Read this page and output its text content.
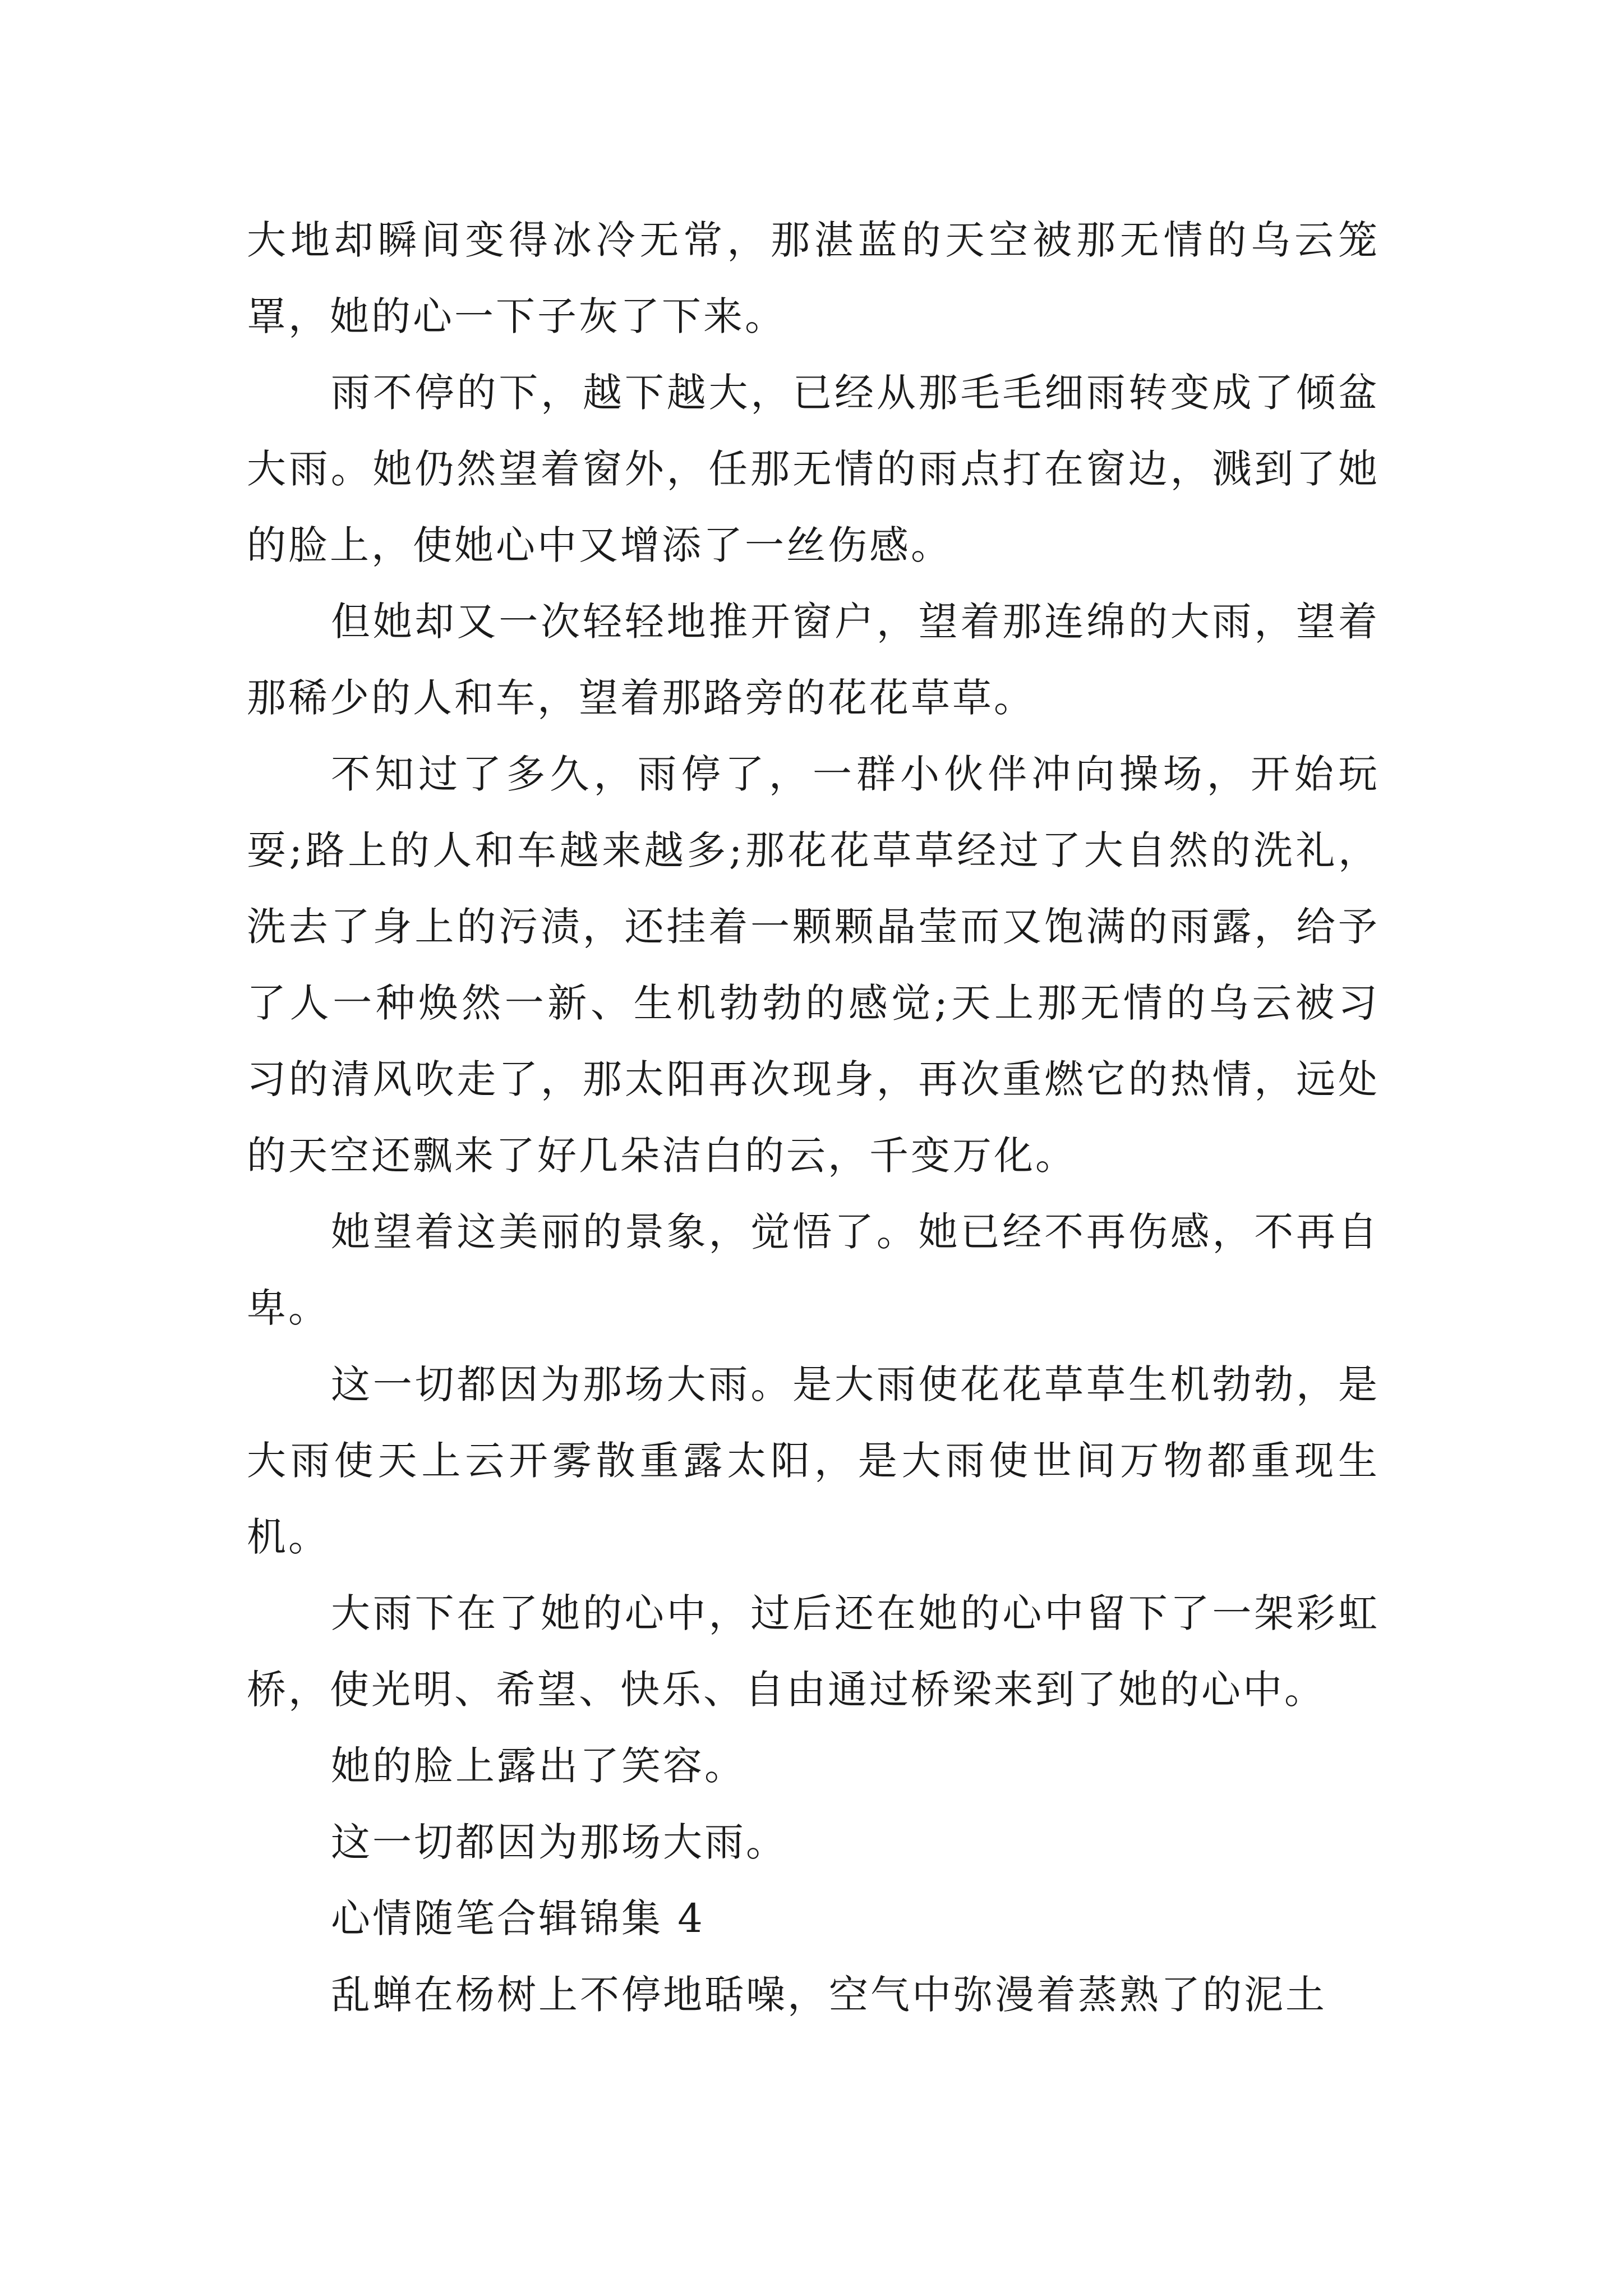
大地却瞬间变得冰冷无常，那湛蓝的天空被那无情的乌云笼罩，她的心一下子灰了下来。

雨不停的下，越下越大，已经从那毛毛细雨转变成了倾盆大雨。她仍然望着窗外，任那无情的雨点打在窗边，溅到了她的脸上，使她心中又增添了一丝伤感。

但她却又一次轻轻地推开窗户，望着那连绵的大雨，望着那稀少的人和车，望着那路旁的花花草草。

不知过了多久，雨停了，一群小伙伴冲向操场，开始玩耍;路上的人和车越来越多;那花花草草经过了大自然的洗礼，洗去了身上的污渍，还挂着一颗颗晶莹而又饱满的雨露，给予了人一种焕然一新、生机勃勃的感觉;天上那无情的乌云被习习的清风吹走了，那太阳再次现身，再次重燃它的热情，远处的天空还飘来了好几朵洁白的云，千变万化。

她望着这美丽的景象，觉悟了。她已经不再伤感，不再自卑。

这一切都因为那场大雨。是大雨使花花草草生机勃勃，是大雨使天上云开雾散重露太阳，是大雨使世间万物都重现生机。

大雨下在了她的心中，过后还在她的心中留下了一架彩虹桥，使光明、希望、快乐、自由通过桥梁来到了她的心中。

她的脸上露出了笑容。

这一切都因为那场大雨。

心情随笔合辑锦集 4

乱蝉在杨树上不停地聒噪，空气中弥漫着蒸熟了的泥土
